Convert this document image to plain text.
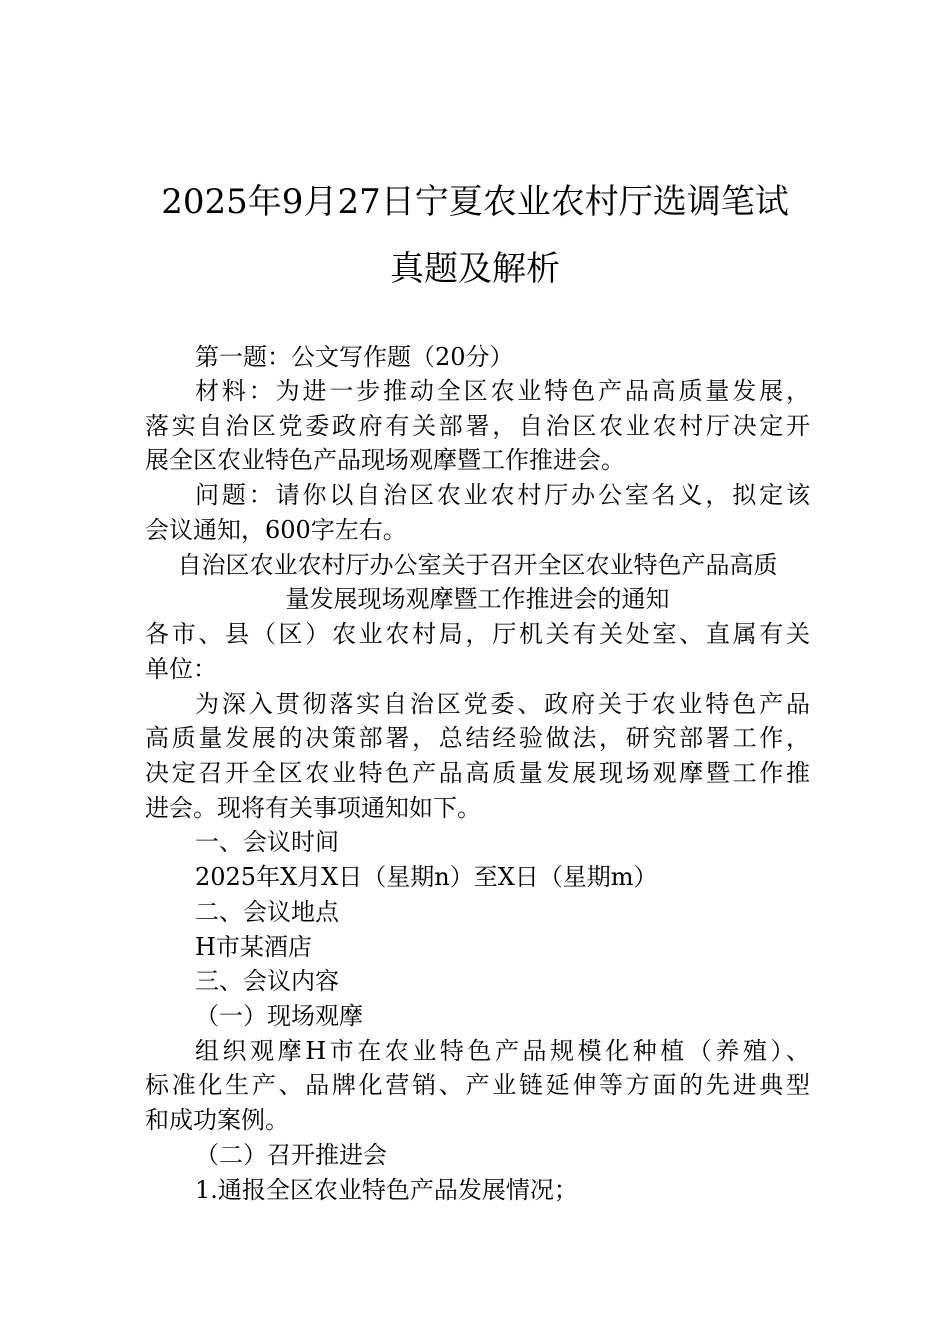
2025年9月27日宁夏农业农村厅选调笔试
真题及解析
第一题：公文写作题（20分）
材料：为进一步推动全区农业特色产品高质量发展，
落实自治区党委政府有关部署，自治区农业农村厅决定开
展全区农业特色产品现场观摩暨工作推进会。
问题：请你以自治区农业农村厅办公室名义，拟定该
会议通知，600字左右。
自治区农业农村厅办公室关于召开全区农业特色产品高质
量发展现场观摩暨工作推进会的通知
各市、县（区）农业农村局，厅机关有关处室、直属有关
单位：
为深入贯彻落实自治区党委、政府关于农业特色产品
高质量发展的决策部署，总结经验做法，研究部署工作，
决定召开全区农业特色产品高质量发展现场观摩暨工作推
进会。现将有关事项通知如下。
一、会议时间
2025年X月X日（星期n）至X日（星期m）
二、会议地点
H市某酒店
三、会议内容
（一）现场观摩
组织观摩H市在农业特色产品规模化种植（养殖）、
标准化生产、品牌化营销、产业链延伸等方面的先进典型
和成功案例。
（二）召开推进会
1.通报全区农业特色产品发展情况；
